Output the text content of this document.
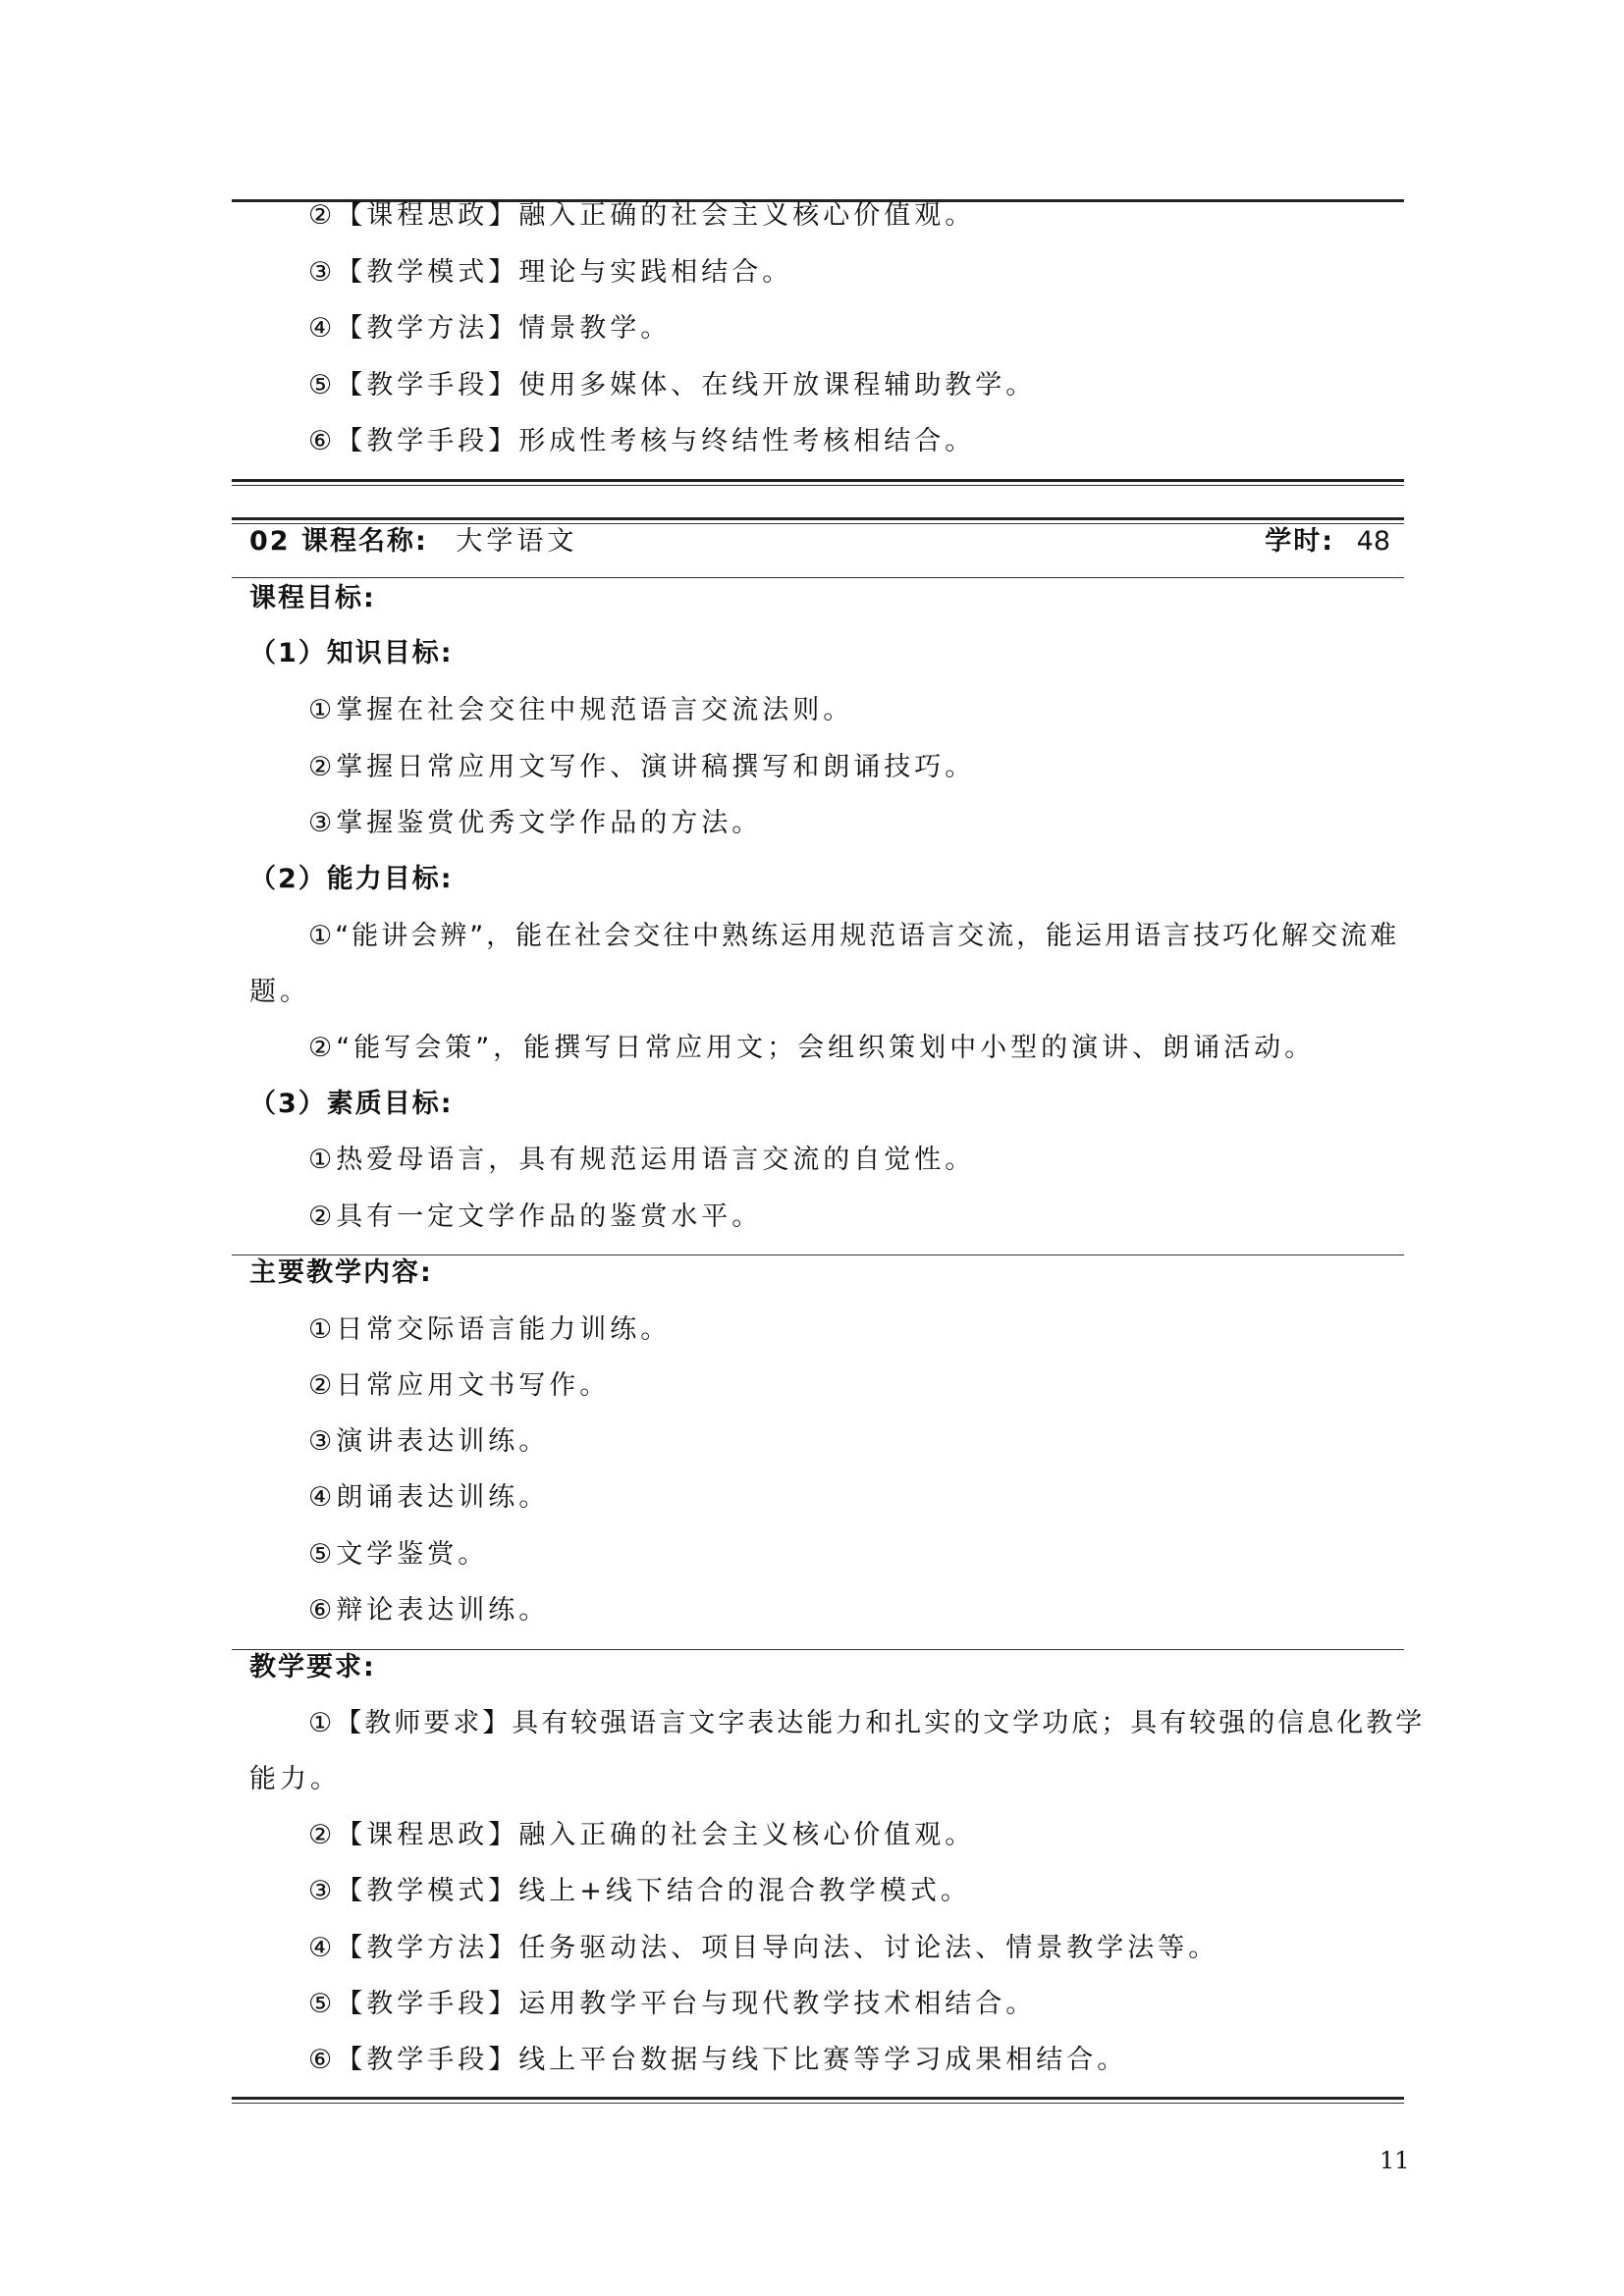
②【课程思政】融入正确的社会主义核心价值观。
③【教学模式】理论与实践相结合。
④【教学方法】情景教学。
⑤【教学手段】使用多媒体、在线开放课程辅助教学。
⑥【教学手段】形成性考核与终结性考核相结合。
02 课程名称: 大学语文	学时: 48
课程目标:
（1）知识目标:
①掌握在社会交往中规范语言交流法则。
②掌握日常应用文写作、演讲稿撰写和朗诵技巧。
③掌握鉴赏优秀文学作品的方法。
（2）能力目标:
①“能讲会辨”，能在社会交往中熟练运用规范语言交流，能运用语言技巧化解交流难
题。
②“能写会策”，能撰写日常应用文；会组织策划中小型的演讲、朗诵活动。
（3）素质目标:
①热爱母语言，具有规范运用语言交流的自觉性。
②具有一定文学作品的鉴赏水平。
主要教学内容:
①日常交际语言能力训练。
②日常应用文书写作。
③演讲表达训练。
④朗诵表达训练。
⑤文学鉴赏。
⑥辩论表达训练。
教学要求:
①【教师要求】具有较强语言文字表达能力和扎实的文学功底；具有较强的信息化教学
能力。
②【课程思政】融入正确的社会主义核心价值观。
③【教学模式】线上+线下结合的混合教学模式。
④【教学方法】任务驱动法、项目导向法、讨论法、情景教学法等。
⑤【教学手段】运用教学平台与现代教学技术相结合。
⑥【教学手段】线上平台数据与线下比赛等学习成果相结合。
11
